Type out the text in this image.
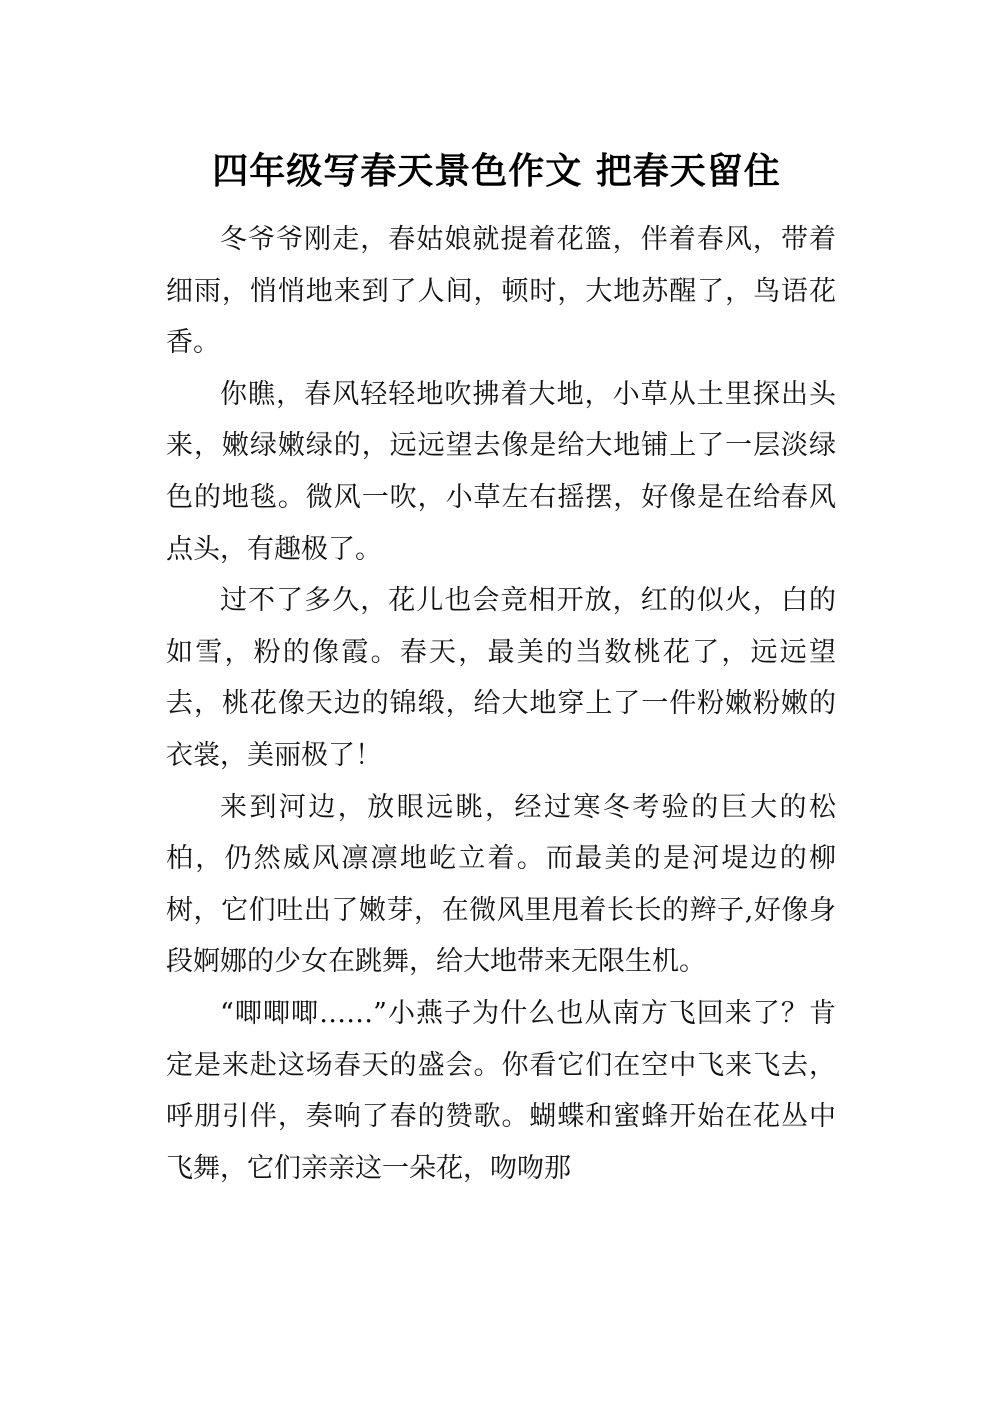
四年级写春天景色作文 把春天留住

冬爷爷刚走，春姑娘就提着花篮，伴着春风，带着细雨，悄悄地来到了人间，顿时，大地苏醒了，鸟语花香。

你瞧，春风轻轻地吹拂着大地，小草从土里探出头来，嫩绿嫩绿的，远远望去像是给大地铺上了一层淡绿色的地毯。微风一吹，小草左右摇摆，好像是在给春风点头，有趣极了。

过不了多久，花儿也会竞相开放，红的似火，白的如雪，粉的像霞。春天，最美的当数桃花了，远远望去，桃花像天边的锦缎，给大地穿上了一件粉嫩粉嫩的衣裳，美丽极了！

来到河边，放眼远眺，经过寒冬考验的巨大的松柏，仍然威风凛凛地屹立着。而最美的是河堤边的柳树，它们吐出了嫩芽，在微风里甩着长长的辫子,好像身段婀娜的少女在跳舞，给大地带来无限生机。

“唧唧唧……”小燕子为什么也从南方飞回来了？肯定是来赴这场春天的盛会。你看它们在空中飞来飞去，呼朋引伴，奏响了春的赞歌。蝴蝶和蜜蜂开始在花丛中飞舞，它们亲亲这一朵花，吻吻那
